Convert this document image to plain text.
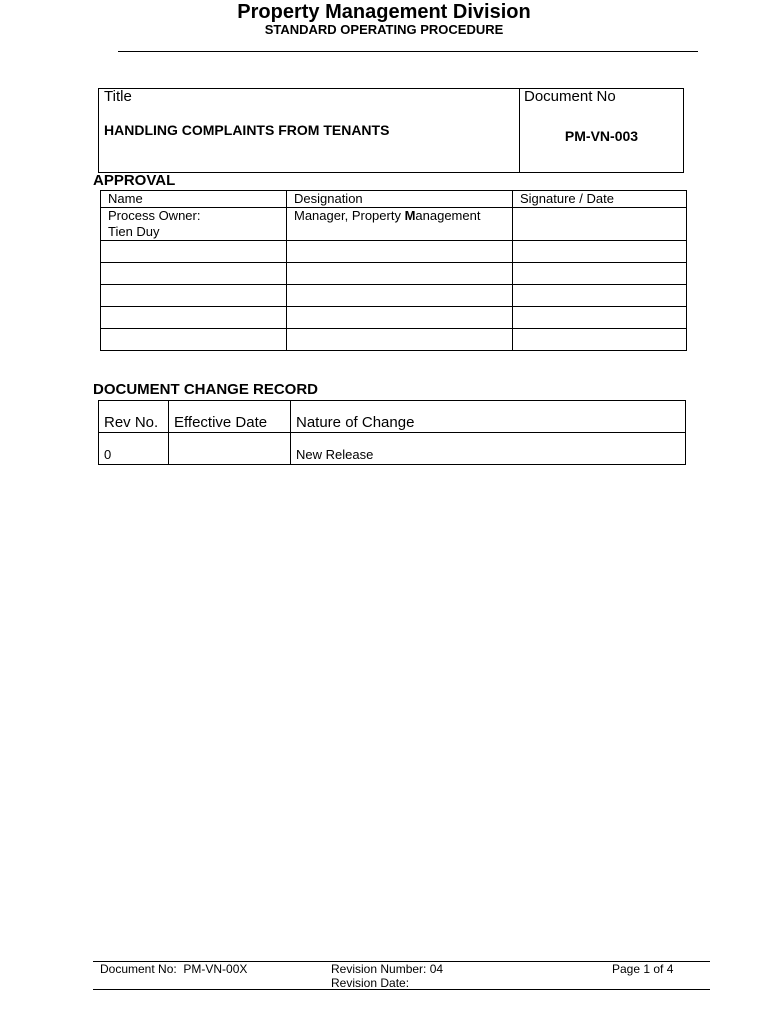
Property Management Division
STANDARD OPERATING PROCEDURE
Title
HANDLING COMPLAINTS FROM TENANTS
Document No
PM-VN-003
APPROVAL
Name	Designation	Signature / Date

Process Owner:
Tien Duy	Manager, Property Management	

DOCUMENT CHANGE RECORD
Rev No.	Effective Date	Nature of Change
0		New Release
Document No:  PM-VN-00X	Revision Number: 04
Revision Date:
Page 1 of 4
